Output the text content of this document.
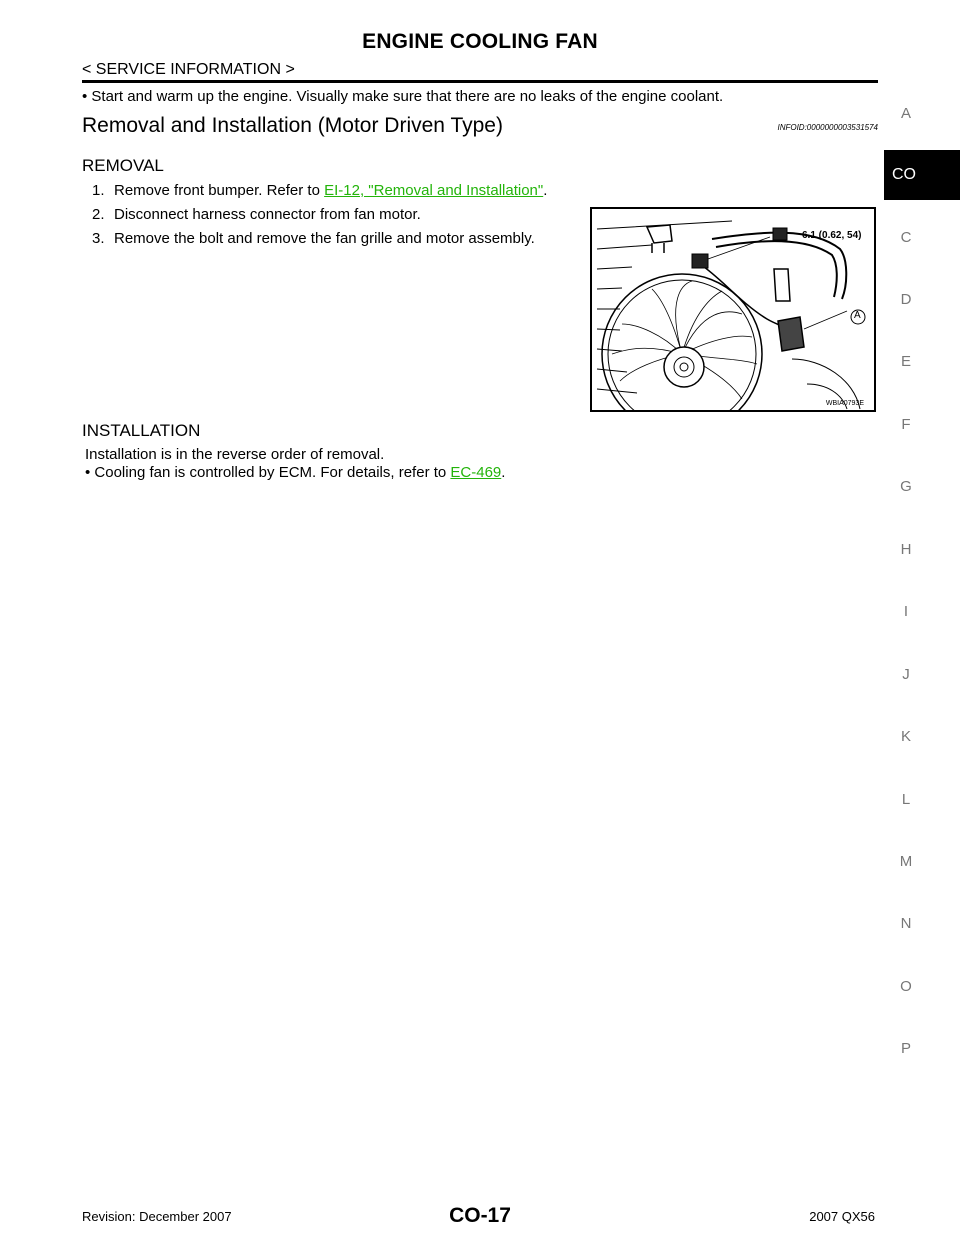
ENGINE COOLING FAN
< SERVICE INFORMATION >
A
C
D
E
F
G
H
I
J
K
L
M
N
O
P
CO
• Start and warm up the engine. Visually make sure that there are no leaks of the engine coolant.
Removal and Installation (Motor Driven Type)	INFOID:0000000003531574
REMOVAL
1. Remove front bumper. Refer to EI-12, "Removal and Installation".
2. Disconnect harness connector from fan motor.
3. Remove the bolt and remove the fan grille and motor assembly.	6.1 (0.62, 54)
A
WBIA0793E
INSTALLATION
Installation is in the reverse order of removal.
• Cooling fan is controlled by ECM. For details, refer to EC-469.
Revision: December 2007	CO-17	2007 QX56
